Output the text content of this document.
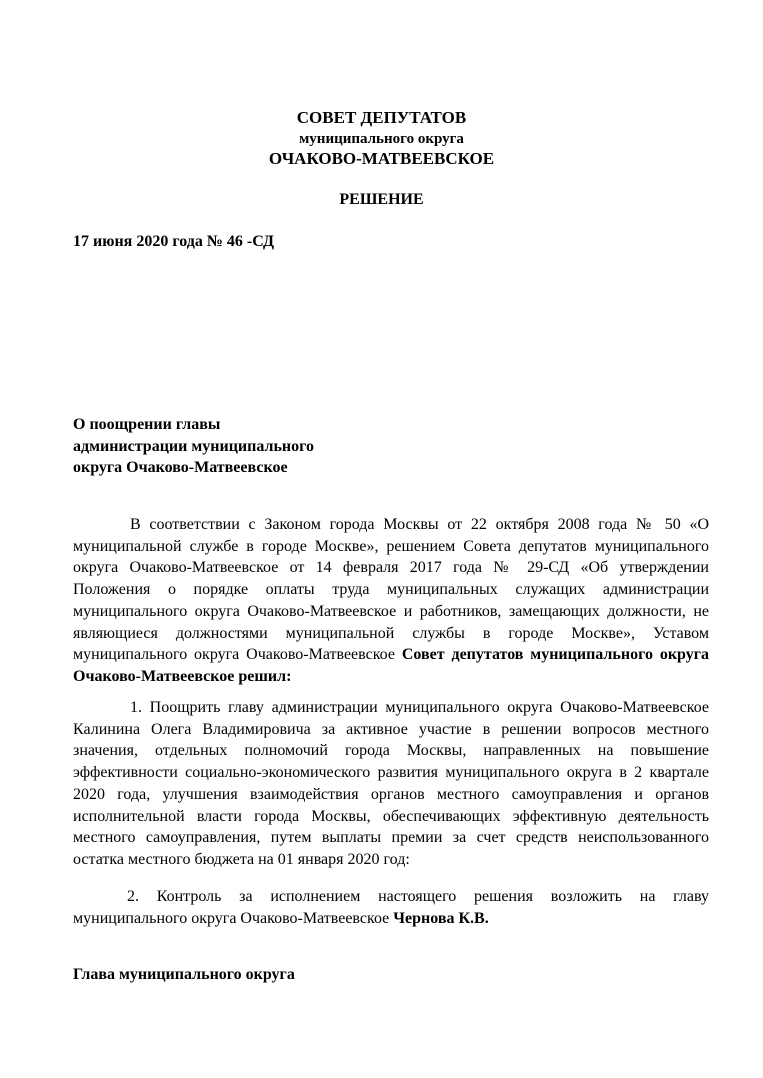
СОВЕТ ДЕПУТАТОВ
муниципального округа
ОЧАКОВО-МАТВЕЕВСКОЕ
РЕШЕНИЕ
17 июня 2020 года № 46 -СД
О поощрении главы
администрации муниципального
округа Очаково-Матвеевское
В соответствии с Законом города Москвы от 22 октября 2008 года № 50 «О муниципальной службе в городе Москве», решением Совета депутатов муниципального округа Очаково-Матвеевское от 14 февраля 2017 года № 29-СД «Об утверждении Положения о порядке оплаты труда муниципальных служащих администрации муниципального округа Очаково-Матвеевское и работников, замещающих должности, не являющиеся должностями муниципальной службы в городе Москве», Уставом муниципального округа Очаково-Матвеевское Совет депутатов муниципального округа Очаково-Матвеевское решил:
1. Поощрить главу администрации муниципального округа Очаково-Матвеевское Калинина Олега Владимировича за активное участие в решении вопросов местного значения, отдельных полномочий города Москвы, направленных на повышение эффективности социально-экономического развития муниципального округа в 2 квартале 2020 года, улучшения взаимодействия органов местного самоуправления и органов исполнительной власти города Москвы, обеспечивающих эффективную деятельность местного самоуправления, путем выплаты премии за счет средств неиспользованного остатка местного бюджета на 01 января 2020 год:
2. Контроль за исполнением настоящего решения возложить на главу муниципального округа Очаково-Матвеевское Чернова К.В.
Глава муниципального округа
